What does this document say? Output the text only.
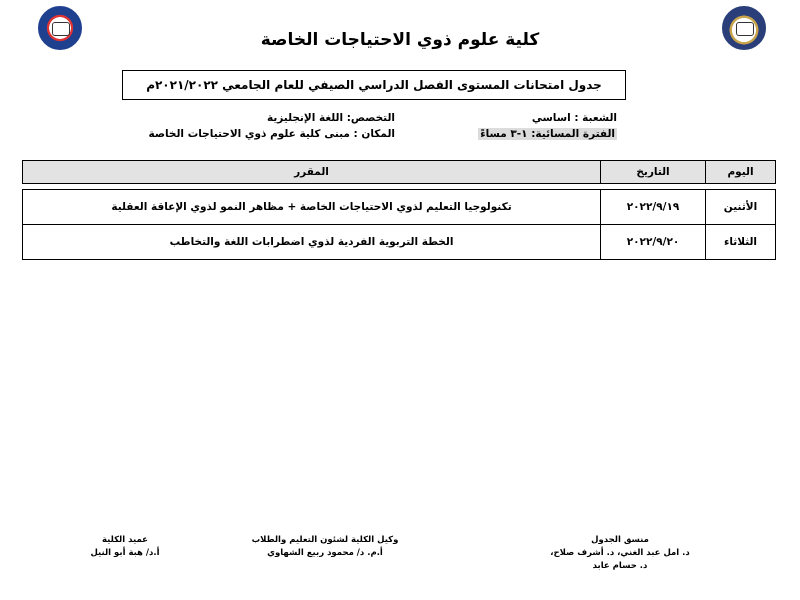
كلية علوم ذوي الاحتياجات الخاصة
جدول امتحانات المستوى الفصل الدراسي الصيفي للعام الجامعي ٢٠٢١/٢٠٢٢م
الشعبة : اساسي
الفترة المسائية: ١-٣ مساءً
التخصص: اللغة الإنجليزية
المكان : مبنى كلية علوم ذوي الاحتياجات الخاصة
اليوم	التاريخ	المقرر

الأثنين	٢٠٢٢/٩/١٩	تكنولوجيا التعليم لذوي الاحتياجات الخاصة + مظاهر النمو لذوي الإعاقة العقلية
الثلاثاء	٢٠٢٢/٩/٢٠	الخطة التربوية الفردية لذوي اضطرابات اللغة والتخاطب
منسق الجدول
د. امل عبد الغني، د. أشرف صلاح، د. حسام عابد
وكيل الكلية لشئون التعليم والطلاب
أ.م. د/ محمود ربيع الشهاوي
عميد الكلية
أ.د/ هبة أبو النيل
